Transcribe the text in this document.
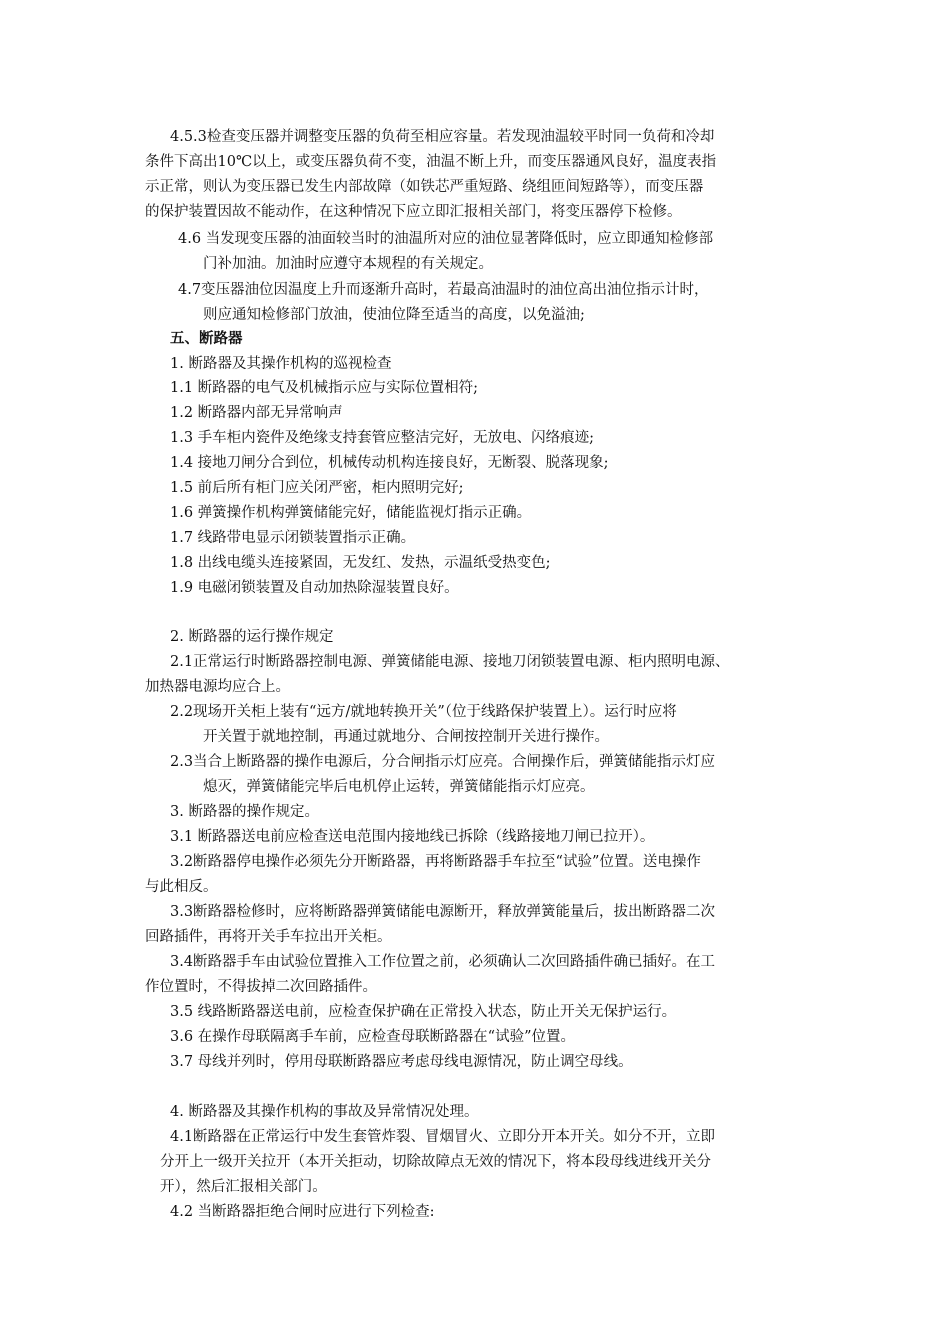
4.5.3检查变压器并调整变压器的负荷至相应容量。若发现油温较平时同一负荷和冷却
条件下高出10℃以上，或变压器负荷不变，油温不断上升，而变压器通风良好，温度表指
示正常，则认为变压器已发生内部故障（如铁芯严重短路、绕组匝间短路等），而变压器
的保护装置因故不能动作，在这种情况下应立即汇报相关部门，将变压器停下检修。
4.6 当发现变压器的油面较当时的油温所对应的油位显著降低时，应立即通知检修部
门补加油。加油时应遵守本规程的有关规定。
4.7变压器油位因温度上升而逐渐升高时，若最高油温时的油位高出油位指示计时，
则应通知检修部门放油，使油位降至适当的高度，以免溢油;
五、断路器
1. 断路器及其操作机构的巡视检查
1.1 断路器的电气及机械指示应与实际位置相符;
1.2 断路器内部无异常响声
1.3 手车柜内瓷件及绝缘支持套管应整洁完好，无放电、闪络痕迹;
1.4 接地刀闸分合到位，机械传动机构连接良好，无断裂、脱落现象;
1.5 前后所有柜门应关闭严密，柜内照明完好;
1.6 弹簧操作机构弹簧储能完好，储能监视灯指示正确。
1.7 线路带电显示闭锁装置指示正确。
1.8 出线电缆头连接紧固，无发红、发热，示温纸受热变色;
1.9 电磁闭锁装置及自动加热除湿装置良好。
2. 断路器的运行操作规定
2.1正常运行时断路器控制电源、弹簧储能电源、接地刀闭锁装置电源、柜内照明电源、
加热器电源均应合上。
2.2现场开关柜上装有“远方/就地转换开关”（位于线路保护装置上）。运行时应将
开关置于就地控制，再通过就地分、合闸按控制开关进行操作。
2.3当合上断路器的操作电源后，分合闸指示灯应亮。合闸操作后，弹簧储能指示灯应
熄灭，弹簧储能完毕后电机停止运转，弹簧储能指示灯应亮。
3. 断路器的操作规定。
3.1 断路器送电前应检查送电范围内接地线已拆除（线路接地刀闸已拉开）。
3.2断路器停电操作必须先分开断路器，再将断路器手车拉至“试验”位置。送电操作
与此相反。
3.3断路器检修时，应将断路器弹簧储能电源断开，释放弹簧能量后，拔出断路器二次
回路插件，再将开关手车拉出开关柜。
3.4断路器手车由试验位置推入工作位置之前，必须确认二次回路插件确已插好。在工
作位置时，不得拔掉二次回路插件。
3.5 线路断路器送电前，应检查保护确在正常投入状态，防止开关无保护运行。
3.6 在操作母联隔离手车前，应检查母联断路器在“试验”位置。
3.7 母线并列时，停用母联断路器应考虑母线电源情况，防止调空母线。
4. 断路器及其操作机构的事故及异常情况处理。
4.1断路器在正常运行中发生套管炸裂、冒烟冒火、立即分开本开关。如分不开，立即
分开上一级开关拉开（本开关拒动，切除故障点无效的情况下，将本段母线进线开关分
开），然后汇报相关部门。
4.2 当断路器拒绝合闸时应进行下列检查:
